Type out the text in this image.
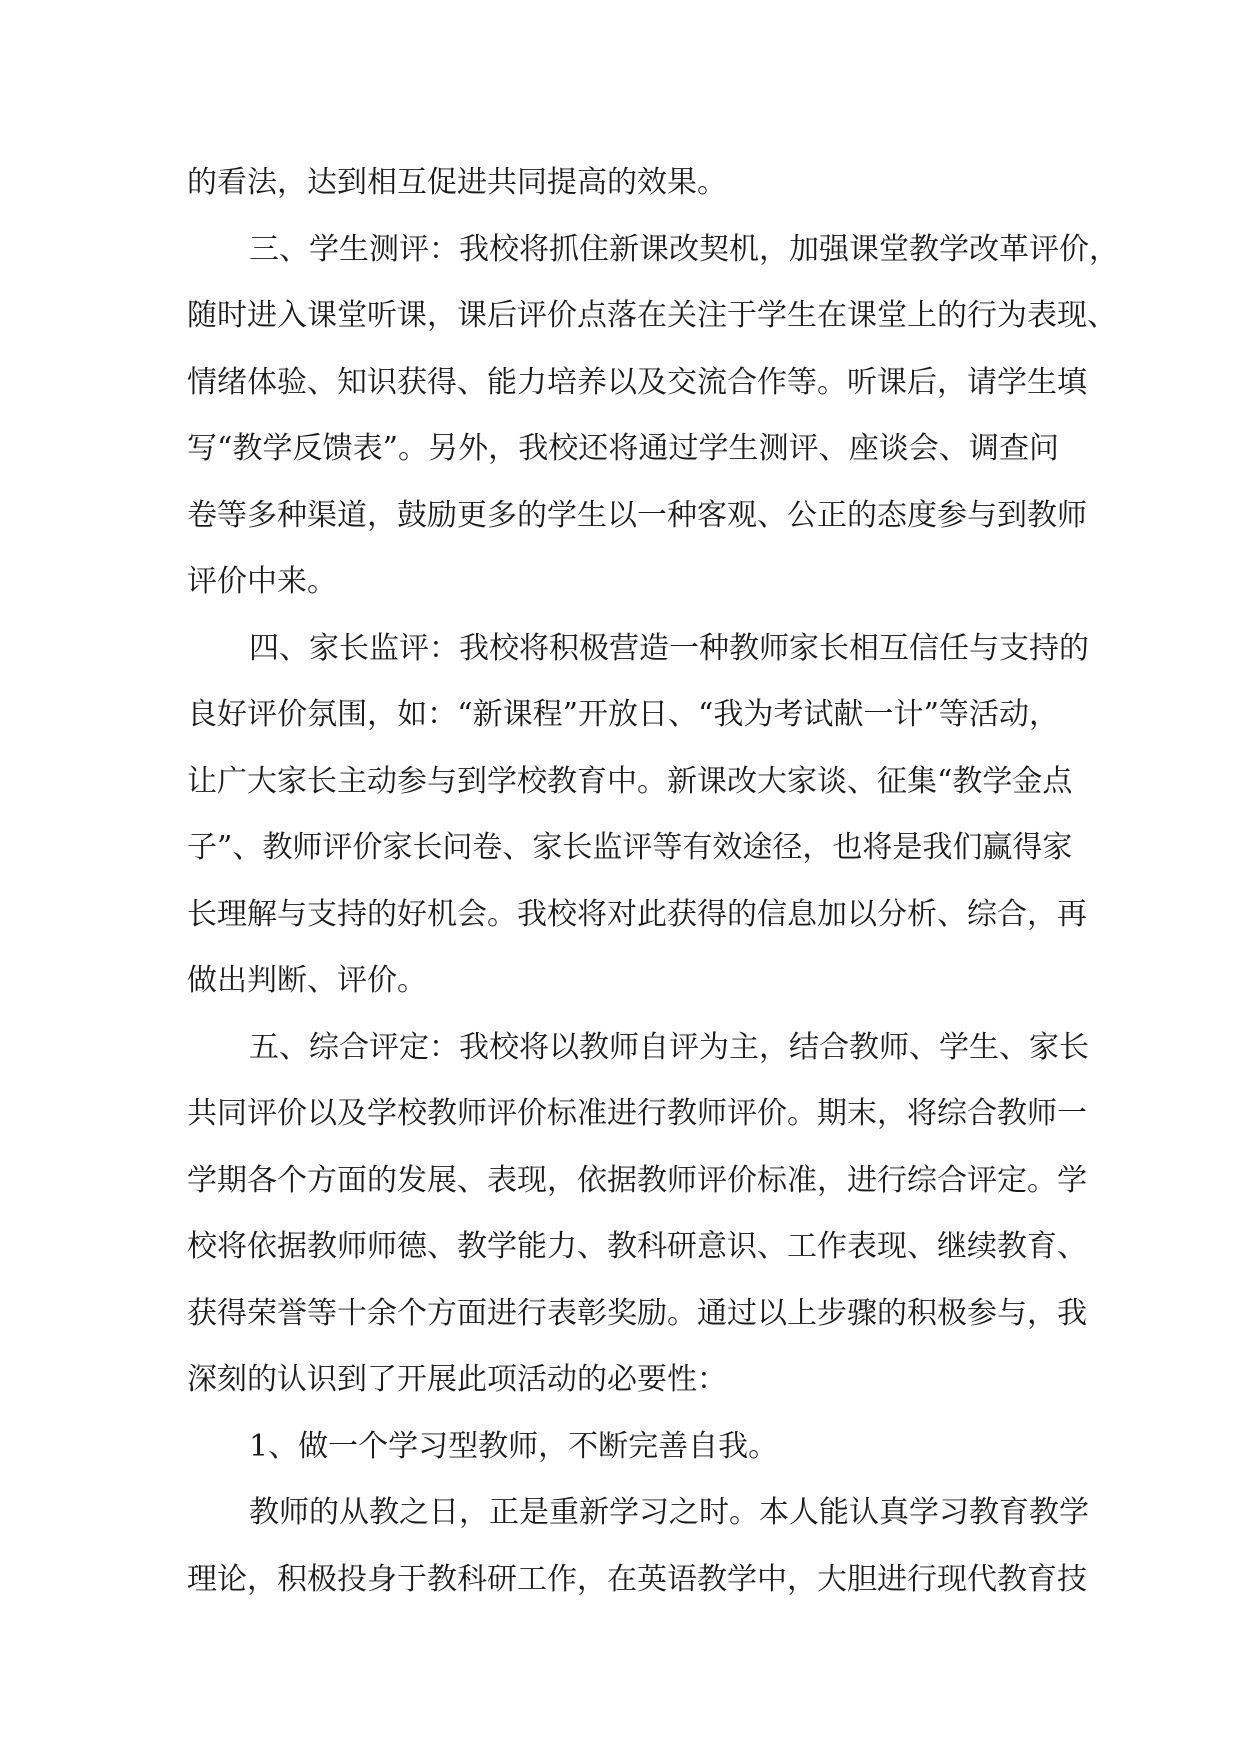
的看法，达到相互促进共同提高的效果。
三、学生测评：我校将抓住新课改契机，加强课堂教学改革评价，
随时进入课堂听课，课后评价点落在关注于学生在课堂上的行为表现、
情绪体验、知识获得、能力培养以及交流合作等。听课后，请学生填
写“教学反馈表”。另外，我校还将通过学生测评、座谈会、调查问
卷等多种渠道，鼓励更多的学生以一种客观、公正的态度参与到教师
评价中来。
四、家长监评：我校将积极营造一种教师家长相互信任与支持的
良好评价氛围，如：“新课程”开放日、“我为考试献一计”等活动，
让广大家长主动参与到学校教育中。新课改大家谈、征集“教学金点
子”、教师评价家长问卷、家长监评等有效途径，也将是我们赢得家
长理解与支持的好机会。我校将对此获得的信息加以分析、综合，再
做出判断、评价。
五、综合评定：我校将以教师自评为主，结合教师、学生、家长
共同评价以及学校教师评价标准进行教师评价。期末，将综合教师一
学期各个方面的发展、表现，依据教师评价标准，进行综合评定。学
校将依据教师师德、教学能力、教科研意识、工作表现、继续教育、
获得荣誉等十余个方面进行表彰奖励。通过以上步骤的积极参与，我
深刻的认识到了开展此项活动的必要性：
1、做一个学习型教师，不断完善自我。
教师的从教之日，正是重新学习之时。本人能认真学习教育教学
理论，积极投身于教科研工作，在英语教学中，大胆进行现代教育技
